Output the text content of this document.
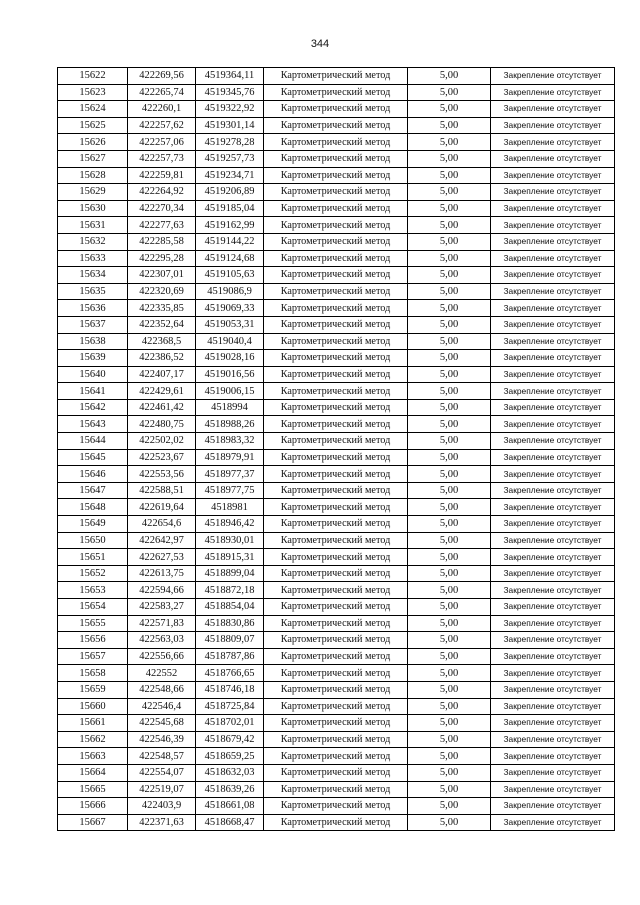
344
15622	422269,56	4519364,11	Картометрический метод	5,00	Закрепление отсутствует
15623	422265,74	4519345,76	Картометрический метод	5,00	Закрепление отсутствует
15624	422260,1	4519322,92	Картометрический метод	5,00	Закрепление отсутствует
15625	422257,62	4519301,14	Картометрический метод	5,00	Закрепление отсутствует
15626	422257,06	4519278,28	Картометрический метод	5,00	Закрепление отсутствует
15627	422257,73	4519257,73	Картометрический метод	5,00	Закрепление отсутствует
15628	422259,81	4519234,71	Картометрический метод	5,00	Закрепление отсутствует
15629	422264,92	4519206,89	Картометрический метод	5,00	Закрепление отсутствует
15630	422270,34	4519185,04	Картометрический метод	5,00	Закрепление отсутствует
15631	422277,63	4519162,99	Картометрический метод	5,00	Закрепление отсутствует
15632	422285,58	4519144,22	Картометрический метод	5,00	Закрепление отсутствует
15633	422295,28	4519124,68	Картометрический метод	5,00	Закрепление отсутствует
15634	422307,01	4519105,63	Картометрический метод	5,00	Закрепление отсутствует
15635	422320,69	4519086,9	Картометрический метод	5,00	Закрепление отсутствует
15636	422335,85	4519069,33	Картометрический метод	5,00	Закрепление отсутствует
15637	422352,64	4519053,31	Картометрический метод	5,00	Закрепление отсутствует
15638	422368,5	4519040,4	Картометрический метод	5,00	Закрепление отсутствует
15639	422386,52	4519028,16	Картометрический метод	5,00	Закрепление отсутствует
15640	422407,17	4519016,56	Картометрический метод	5,00	Закрепление отсутствует
15641	422429,61	4519006,15	Картометрический метод	5,00	Закрепление отсутствует
15642	422461,42	4518994	Картометрический метод	5,00	Закрепление отсутствует
15643	422480,75	4518988,26	Картометрический метод	5,00	Закрепление отсутствует
15644	422502,02	4518983,32	Картометрический метод	5,00	Закрепление отсутствует
15645	422523,67	4518979,91	Картометрический метод	5,00	Закрепление отсутствует
15646	422553,56	4518977,37	Картометрический метод	5,00	Закрепление отсутствует
15647	422588,51	4518977,75	Картометрический метод	5,00	Закрепление отсутствует
15648	422619,64	4518981	Картометрический метод	5,00	Закрепление отсутствует
15649	422654,6	4518946,42	Картометрический метод	5,00	Закрепление отсутствует
15650	422642,97	4518930,01	Картометрический метод	5,00	Закрепление отсутствует
15651	422627,53	4518915,31	Картометрический метод	5,00	Закрепление отсутствует
15652	422613,75	4518899,04	Картометрический метод	5,00	Закрепление отсутствует
15653	422594,66	4518872,18	Картометрический метод	5,00	Закрепление отсутствует
15654	422583,27	4518854,04	Картометрический метод	5,00	Закрепление отсутствует
15655	422571,83	4518830,86	Картометрический метод	5,00	Закрепление отсутствует
15656	422563,03	4518809,07	Картометрический метод	5,00	Закрепление отсутствует
15657	422556,66	4518787,86	Картометрический метод	5,00	Закрепление отсутствует
15658	422552	4518766,65	Картометрический метод	5,00	Закрепление отсутствует
15659	422548,66	4518746,18	Картометрический метод	5,00	Закрепление отсутствует
15660	422546,4	4518725,84	Картометрический метод	5,00	Закрепление отсутствует
15661	422545,68	4518702,01	Картометрический метод	5,00	Закрепление отсутствует
15662	422546,39	4518679,42	Картометрический метод	5,00	Закрепление отсутствует
15663	422548,57	4518659,25	Картометрический метод	5,00	Закрепление отсутствует
15664	422554,07	4518632,03	Картометрический метод	5,00	Закрепление отсутствует
15665	422519,07	4518639,26	Картометрический метод	5,00	Закрепление отсутствует
15666	422403,9	4518661,08	Картометрический метод	5,00	Закрепление отсутствует
15667	422371,63	4518668,47	Картометрический метод	5,00	Закрепление отсутствует
